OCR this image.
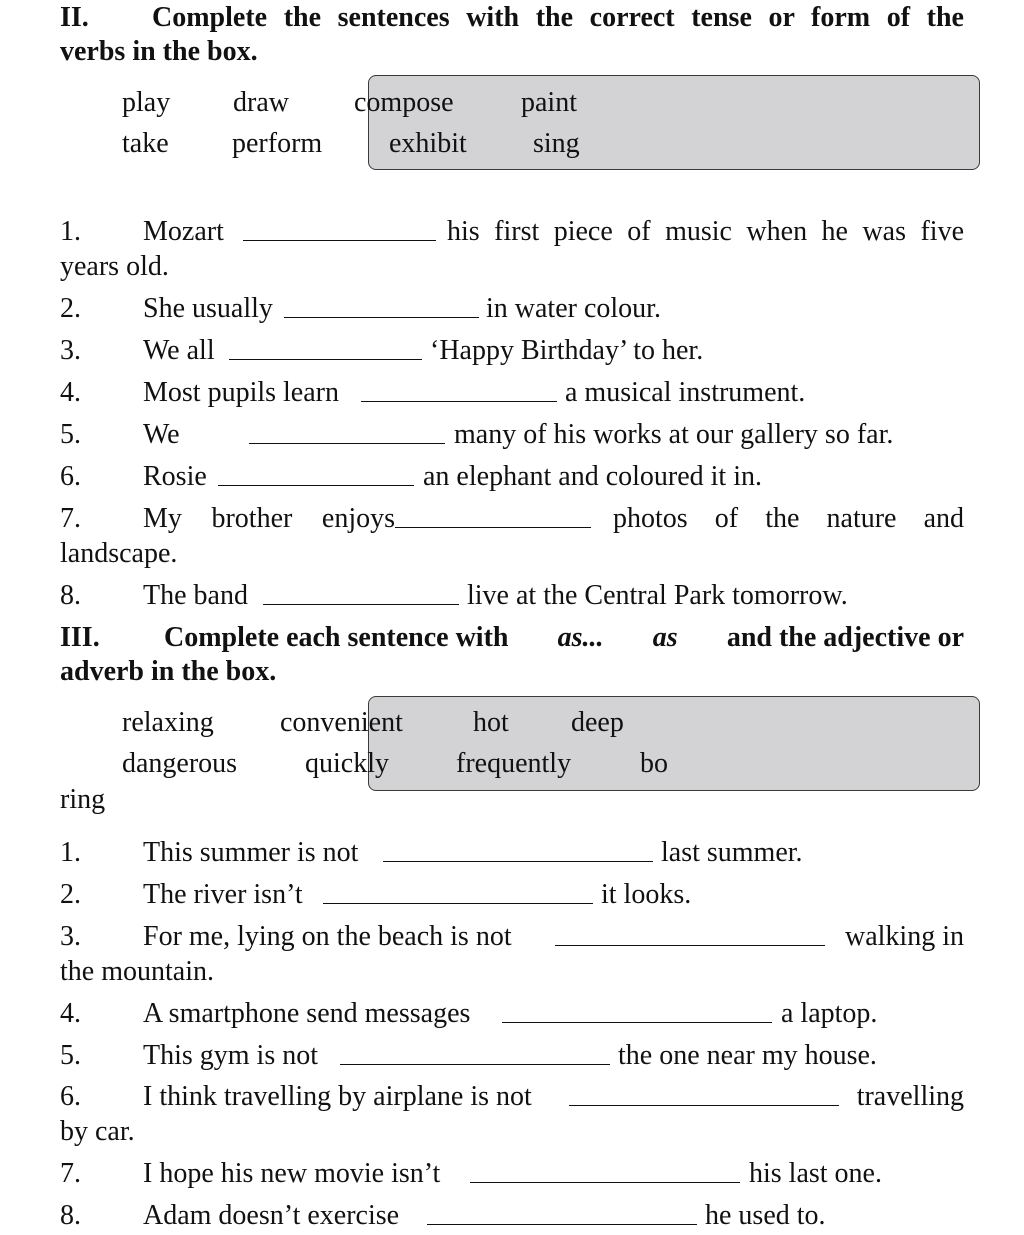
II. Complete the sentences with the correct tense or form of the
verbs in the box.
play draw compose paint
take perform exhibit sing
1. Mozart	his first piece of music when he was five
years old.
2. She usually	in water colour.
3. We all	‘Happy Birthday’ to her.
4. Most pupils learn	a musical instrument.
5. We	many of his works at our gallery so far.
6. Rosie	an elephant and coloured it in.
7. My brother enjoys	photos of the nature and
landscape.
8. The band	live at the Central Park tomorrow.
III. Complete each sentence with as... as and the adjective or
adverb in the box.
relaxing convenient	hot deep
dangerous quickly frequently bo
ring
1. This summer is not	last summer.
2. The river isn’t	it looks.
3. For me, lying on the beach is not	walking in
the mountain.
4. A smartphone send messages	a laptop.
5. This gym is not	the one near my house.
6. I think travelling by airplane is not	travelling
by car.
7. I hope his new movie isn’t	his last one.
8. Adam doesn’t exercise	he used to.
